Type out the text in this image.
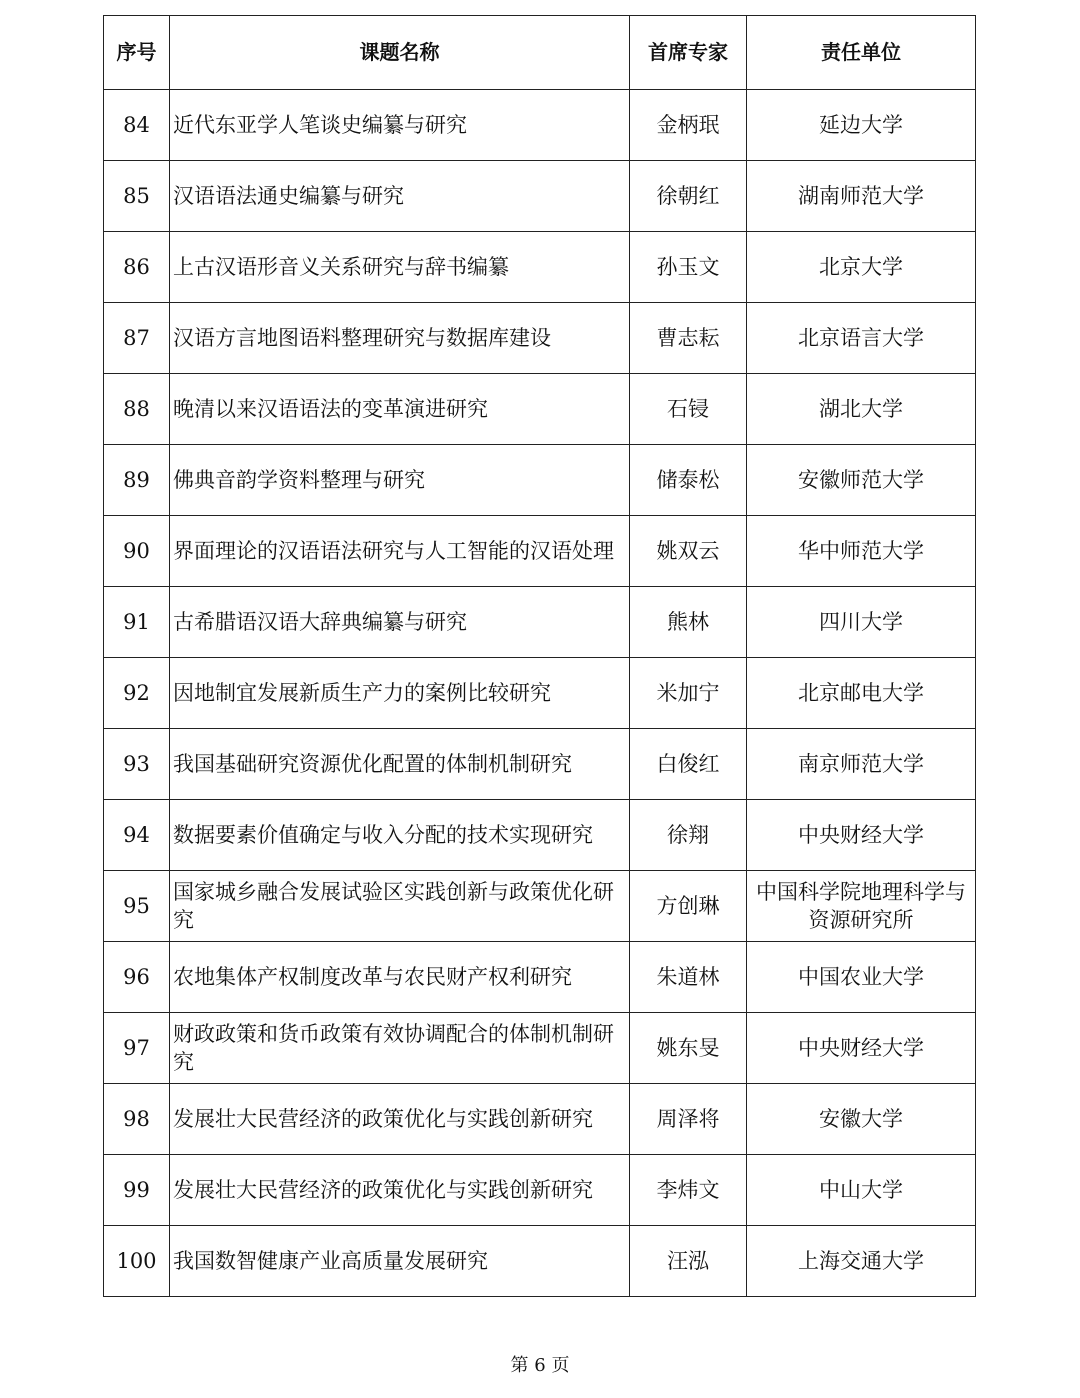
序号	课题名称	首席专家	责任单位
84	近代东亚学人笔谈史编纂与研究	金柄珉	延边大学
85	汉语语法通史编纂与研究	徐朝红	湖南师范大学
86	上古汉语形音义关系研究与辞书编纂	孙玉文	北京大学
87	汉语方言地图语料整理研究与数据库建设	曹志耘	北京语言大学
88	晚清以来汉语语法的变革演进研究	石锓	湖北大学
89	佛典音韵学资料整理与研究	储泰松	安徽师范大学
90	界面理论的汉语语法研究与人工智能的汉语处理	姚双云	华中师范大学
91	古希腊语汉语大辞典编纂与研究	熊林	四川大学
92	因地制宜发展新质生产力的案例比较研究	米加宁	北京邮电大学
93	我国基础研究资源优化配置的体制机制研究	白俊红	南京师范大学
94	数据要素价值确定与收入分配的技术实现研究	徐翔	中央财经大学
95	国家城乡融合发展试验区实践创新与政策优化研究	方创琳	中国科学院地理科学与资源研究所
96	农地集体产权制度改革与农民财产权利研究	朱道林	中国农业大学
97	财政政策和货币政策有效协调配合的体制机制研究	姚东旻	中央财经大学
98	发展壮大民营经济的政策优化与实践创新研究	周泽将	安徽大学
99	发展壮大民营经济的政策优化与实践创新研究	李炜文	中山大学
100	我国数智健康产业高质量发展研究	汪泓	上海交通大学
第 6 页
